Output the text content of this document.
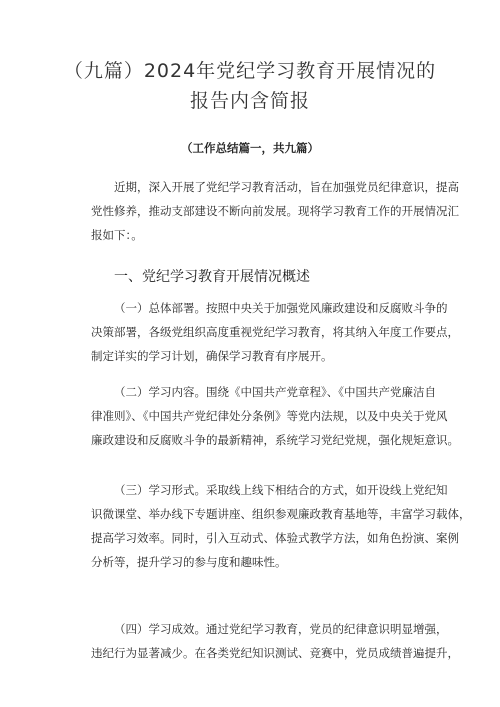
（九篇）2024年党纪学习教育开展情况的
报告内含简报

（工作总结篇一，共九篇）

近期，深入开展了党纪学习教育活动，旨在加强党员纪律意识，提高
党性修养，推动支部建设不断向前发展。现将学习教育工作的开展情况汇
报如下：。

一、党纪学习教育开展情况概述

（一）总体部署。按照中央关于加强党风廉政建设和反腐败斗争的
决策部署，各级党组织高度重视党纪学习教育，将其纳入年度工作要点，
制定详实的学习计划，确保学习教育有序展开。

（二）学习内容。围绕《中国共产党章程》、《中国共产党廉洁自
律准则》、《中国共产党纪律处分条例》等党内法规，以及中央关于党风
廉政建设和反腐败斗争的最新精神，系统学习党纪党规，强化规矩意识。

（三）学习形式。采取线上线下相结合的方式，如开设线上党纪知
识微课堂、举办线下专题讲座、组织参观廉政教育基地等，丰富学习载体，
提高学习效率。同时，引入互动式、体验式教学方法，如角色扮演、案例
分析等，提升学习的参与度和趣味性。

（四）学习成效。通过党纪学习教育，党员的纪律意识明显增强，
违纪行为显著减少。在各类党纪知识测试、竞赛中，党员成绩普遍提升，
